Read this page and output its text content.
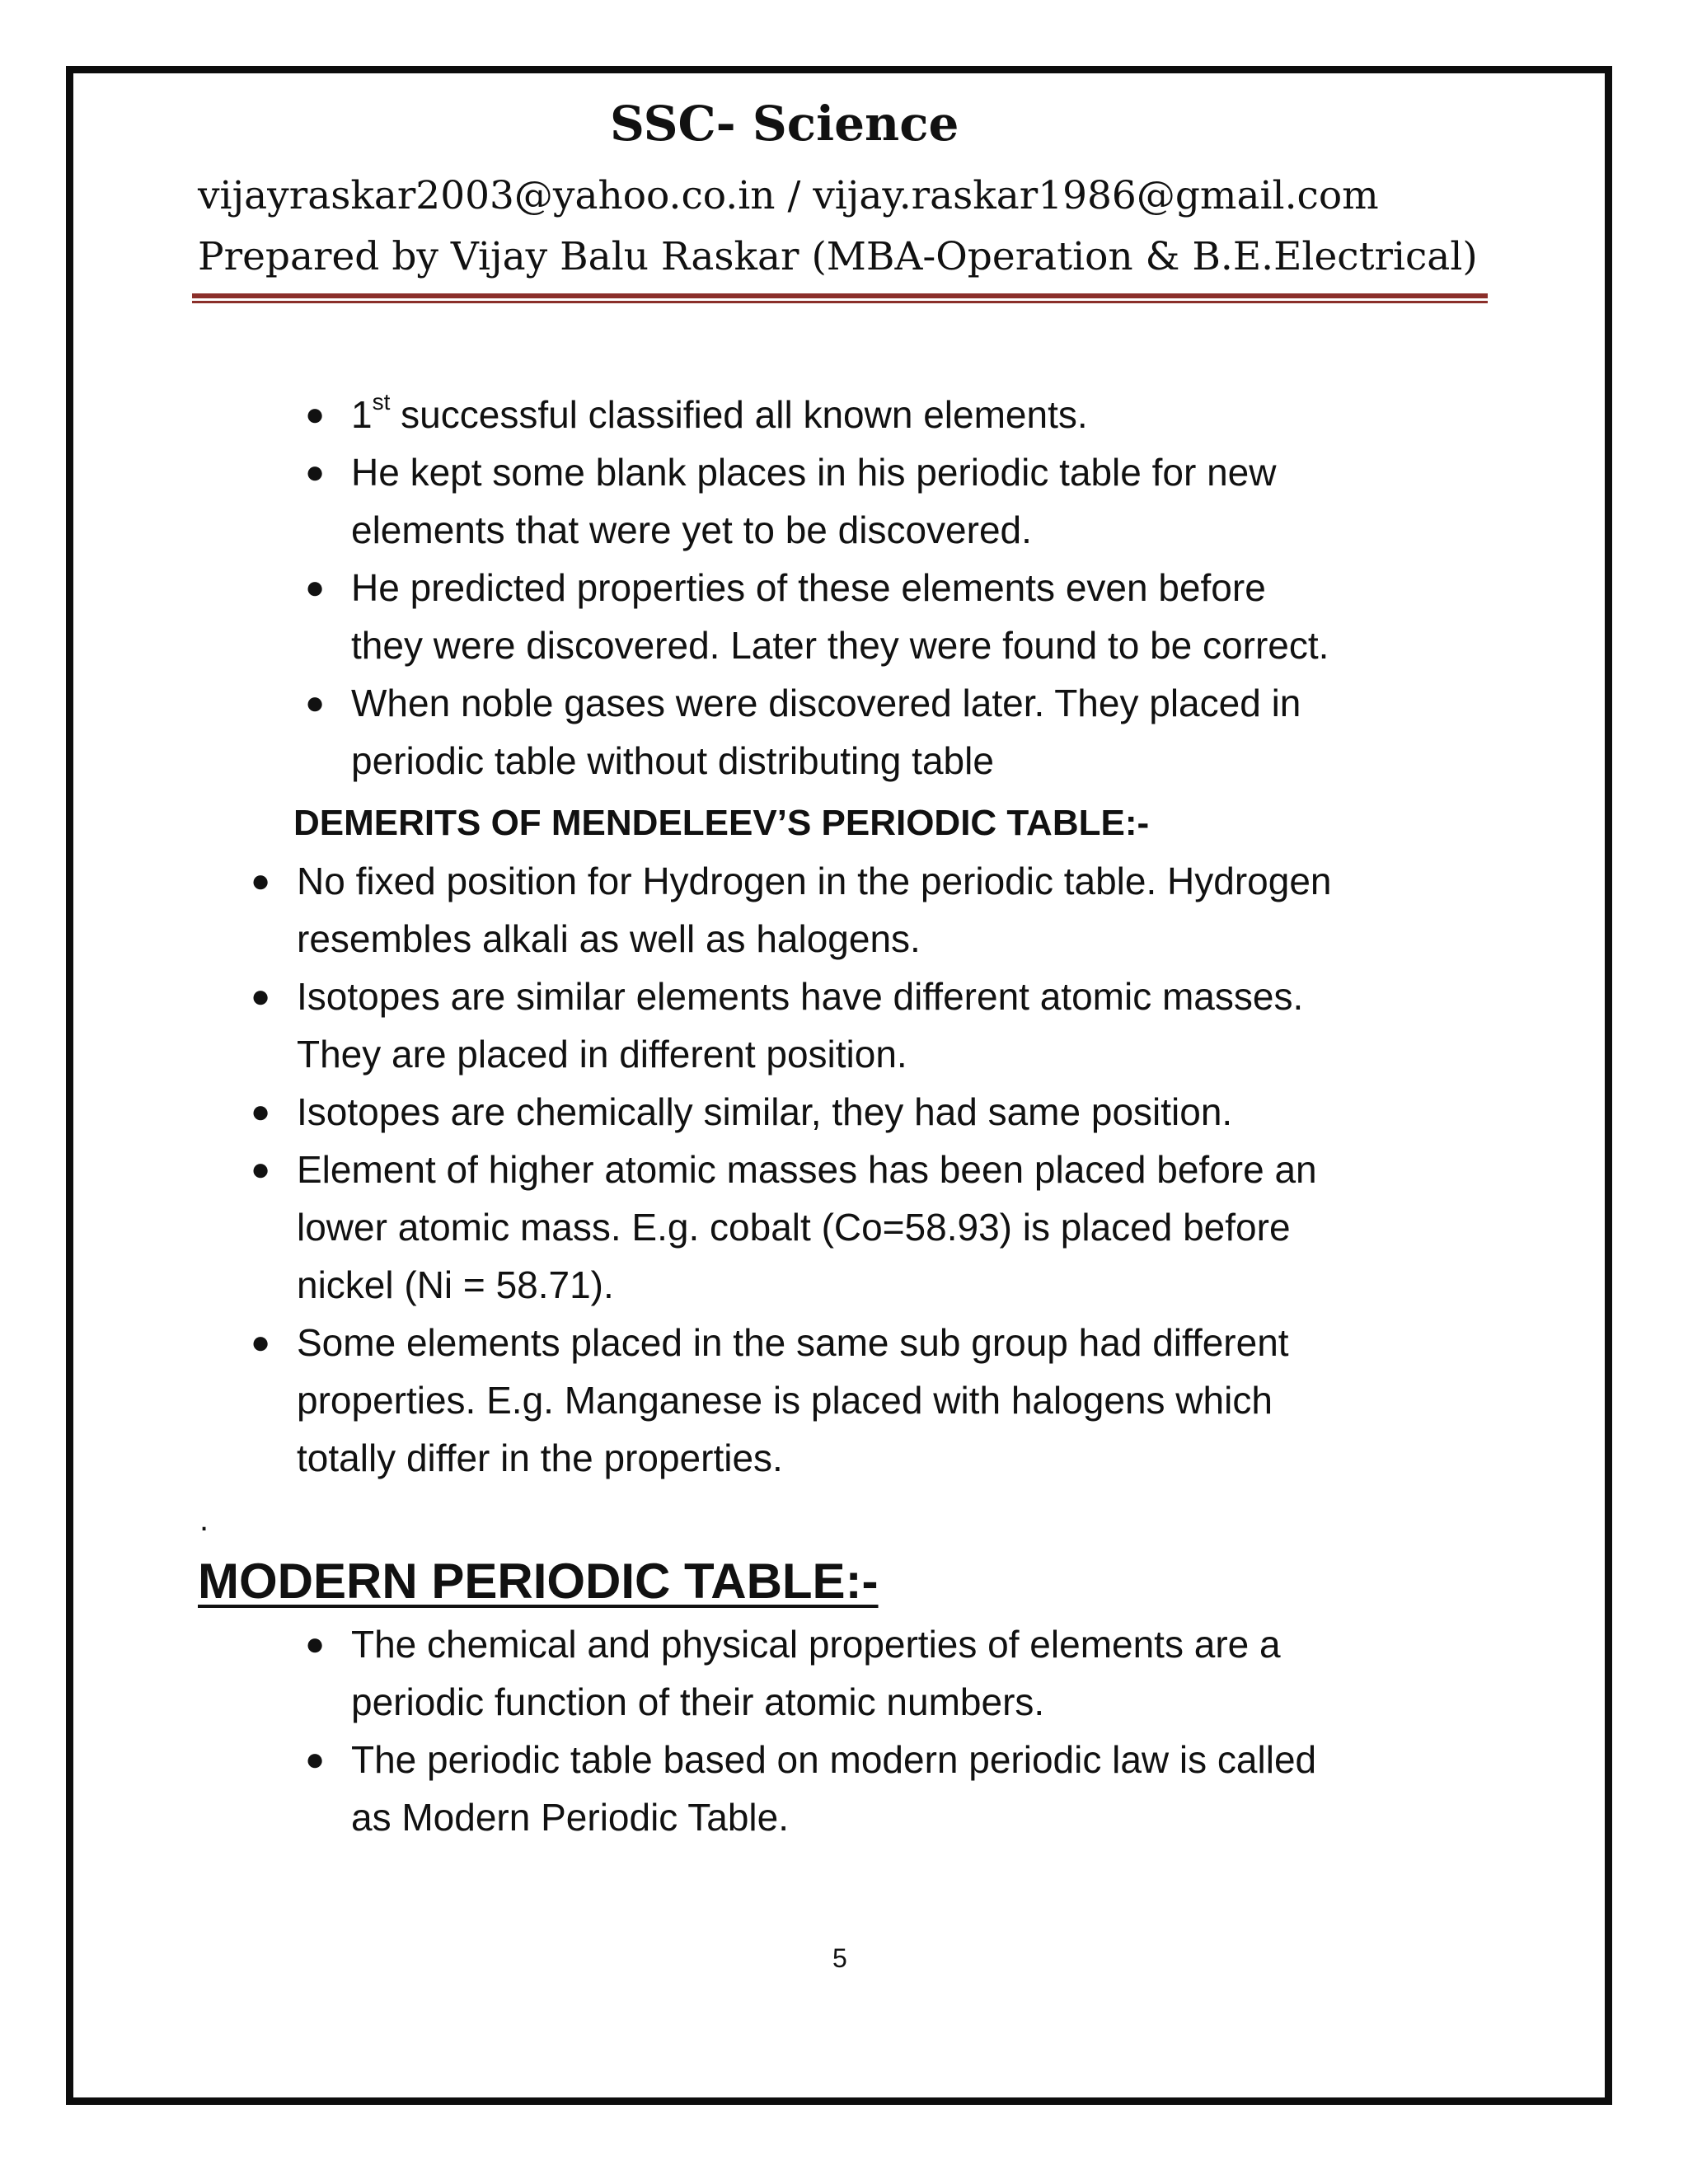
SSC- Science
vijayraskar2003@yahoo.co.in / vijay.raskar1986@gmail.com
Prepared by Vijay Balu Raskar (MBA-Operation & B.E.Electrical)
● 1st successful classified all known elements.
● He kept some blank places in his periodic table for new
elements that were yet to be discovered.
● He predicted properties of these elements even before
they were discovered. Later they were found to be correct.
● When noble gases were discovered later. They placed in
periodic table without distributing table
DEMERITS OF MENDELEEV’S PERIODIC TABLE:-
● No fixed position for Hydrogen in the periodic table. Hydrogen
resembles alkali as well as halogens.
● Isotopes are similar elements have different atomic masses.
They are placed in different position.
● Isotopes are chemically similar, they had same position.
● Element of higher atomic masses has been placed before an
lower atomic mass. E.g. cobalt (Co=58.93) is placed before
nickel (Ni = 58.71).
● Some elements placed in the same sub group had different
properties. E.g. Manganese is placed with halogens which
totally differ in the properties.
.
MODERN PERIODIC TABLE:-
● The chemical and physical properties of elements are a
periodic function of their atomic numbers.
● The periodic table based on modern periodic law is called
as Modern Periodic Table.
5
